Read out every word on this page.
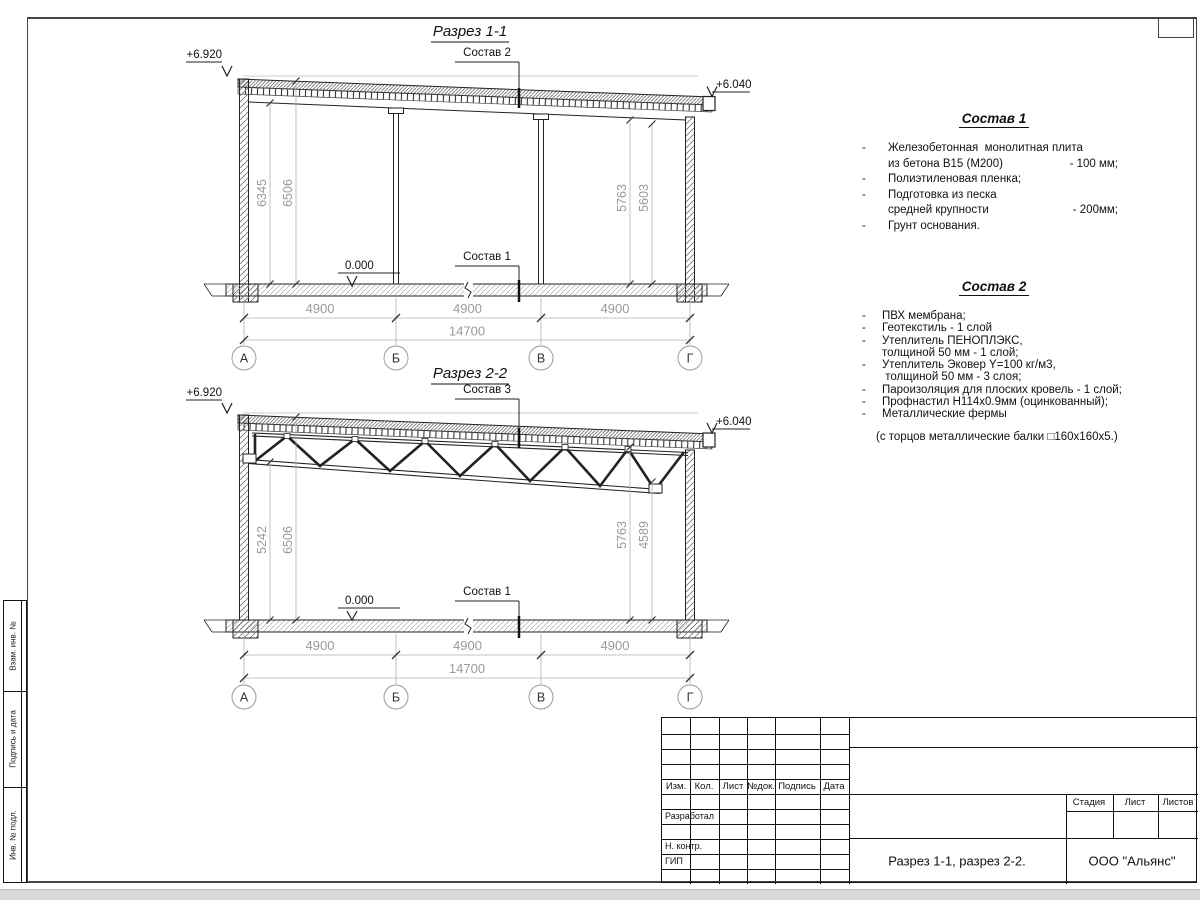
Разрез 1-1
Состав 2
Состав 1
0.000
+6.920
+6.040
6345 6506	5763 5603
4900	4900	4900
14700
А	Б	В	Г
Разрез 2-2
Состав 3
Состав 1
0.000
+6.920
+6.040
5242 6506	5763 4589
4900	4900	4900
14700
А	Б	В	Г
Состав 1
- Железобетонная  монолитная плита
из бетона В15 (М200)	- 100 мм;
- Полиэтиленовая пленка;
- Подготовка из песка
средней крупности	- 200мм;
- Грунт основания.
Состав 2
- ПВХ мембрана;
- Геотекстиль - 1 слой
- Утеплитель ПЕНОПЛЭКС,
толщиной 50 мм - 1 слой;
- Утеплитель Эковер Y=100 кг/м3,
толщиной 50 мм - 3 слоя;
- Пароизоляция для плоских кровель - 1 слой;
- Профнастил Н114х0.9мм (оцинкованный);
- Металлические фермы
(с торцов металлические балки □160х160х5.)
Изм. Кол. Лист №док. Подпись Дата
Разработал
Н. контр.
ГИП
Стадия Лист Листов
Разрез 1-1, разрез 2-2.	ООО "Альянс"
Взам. инв. №
Подпись и дата
Инв. № подл.
